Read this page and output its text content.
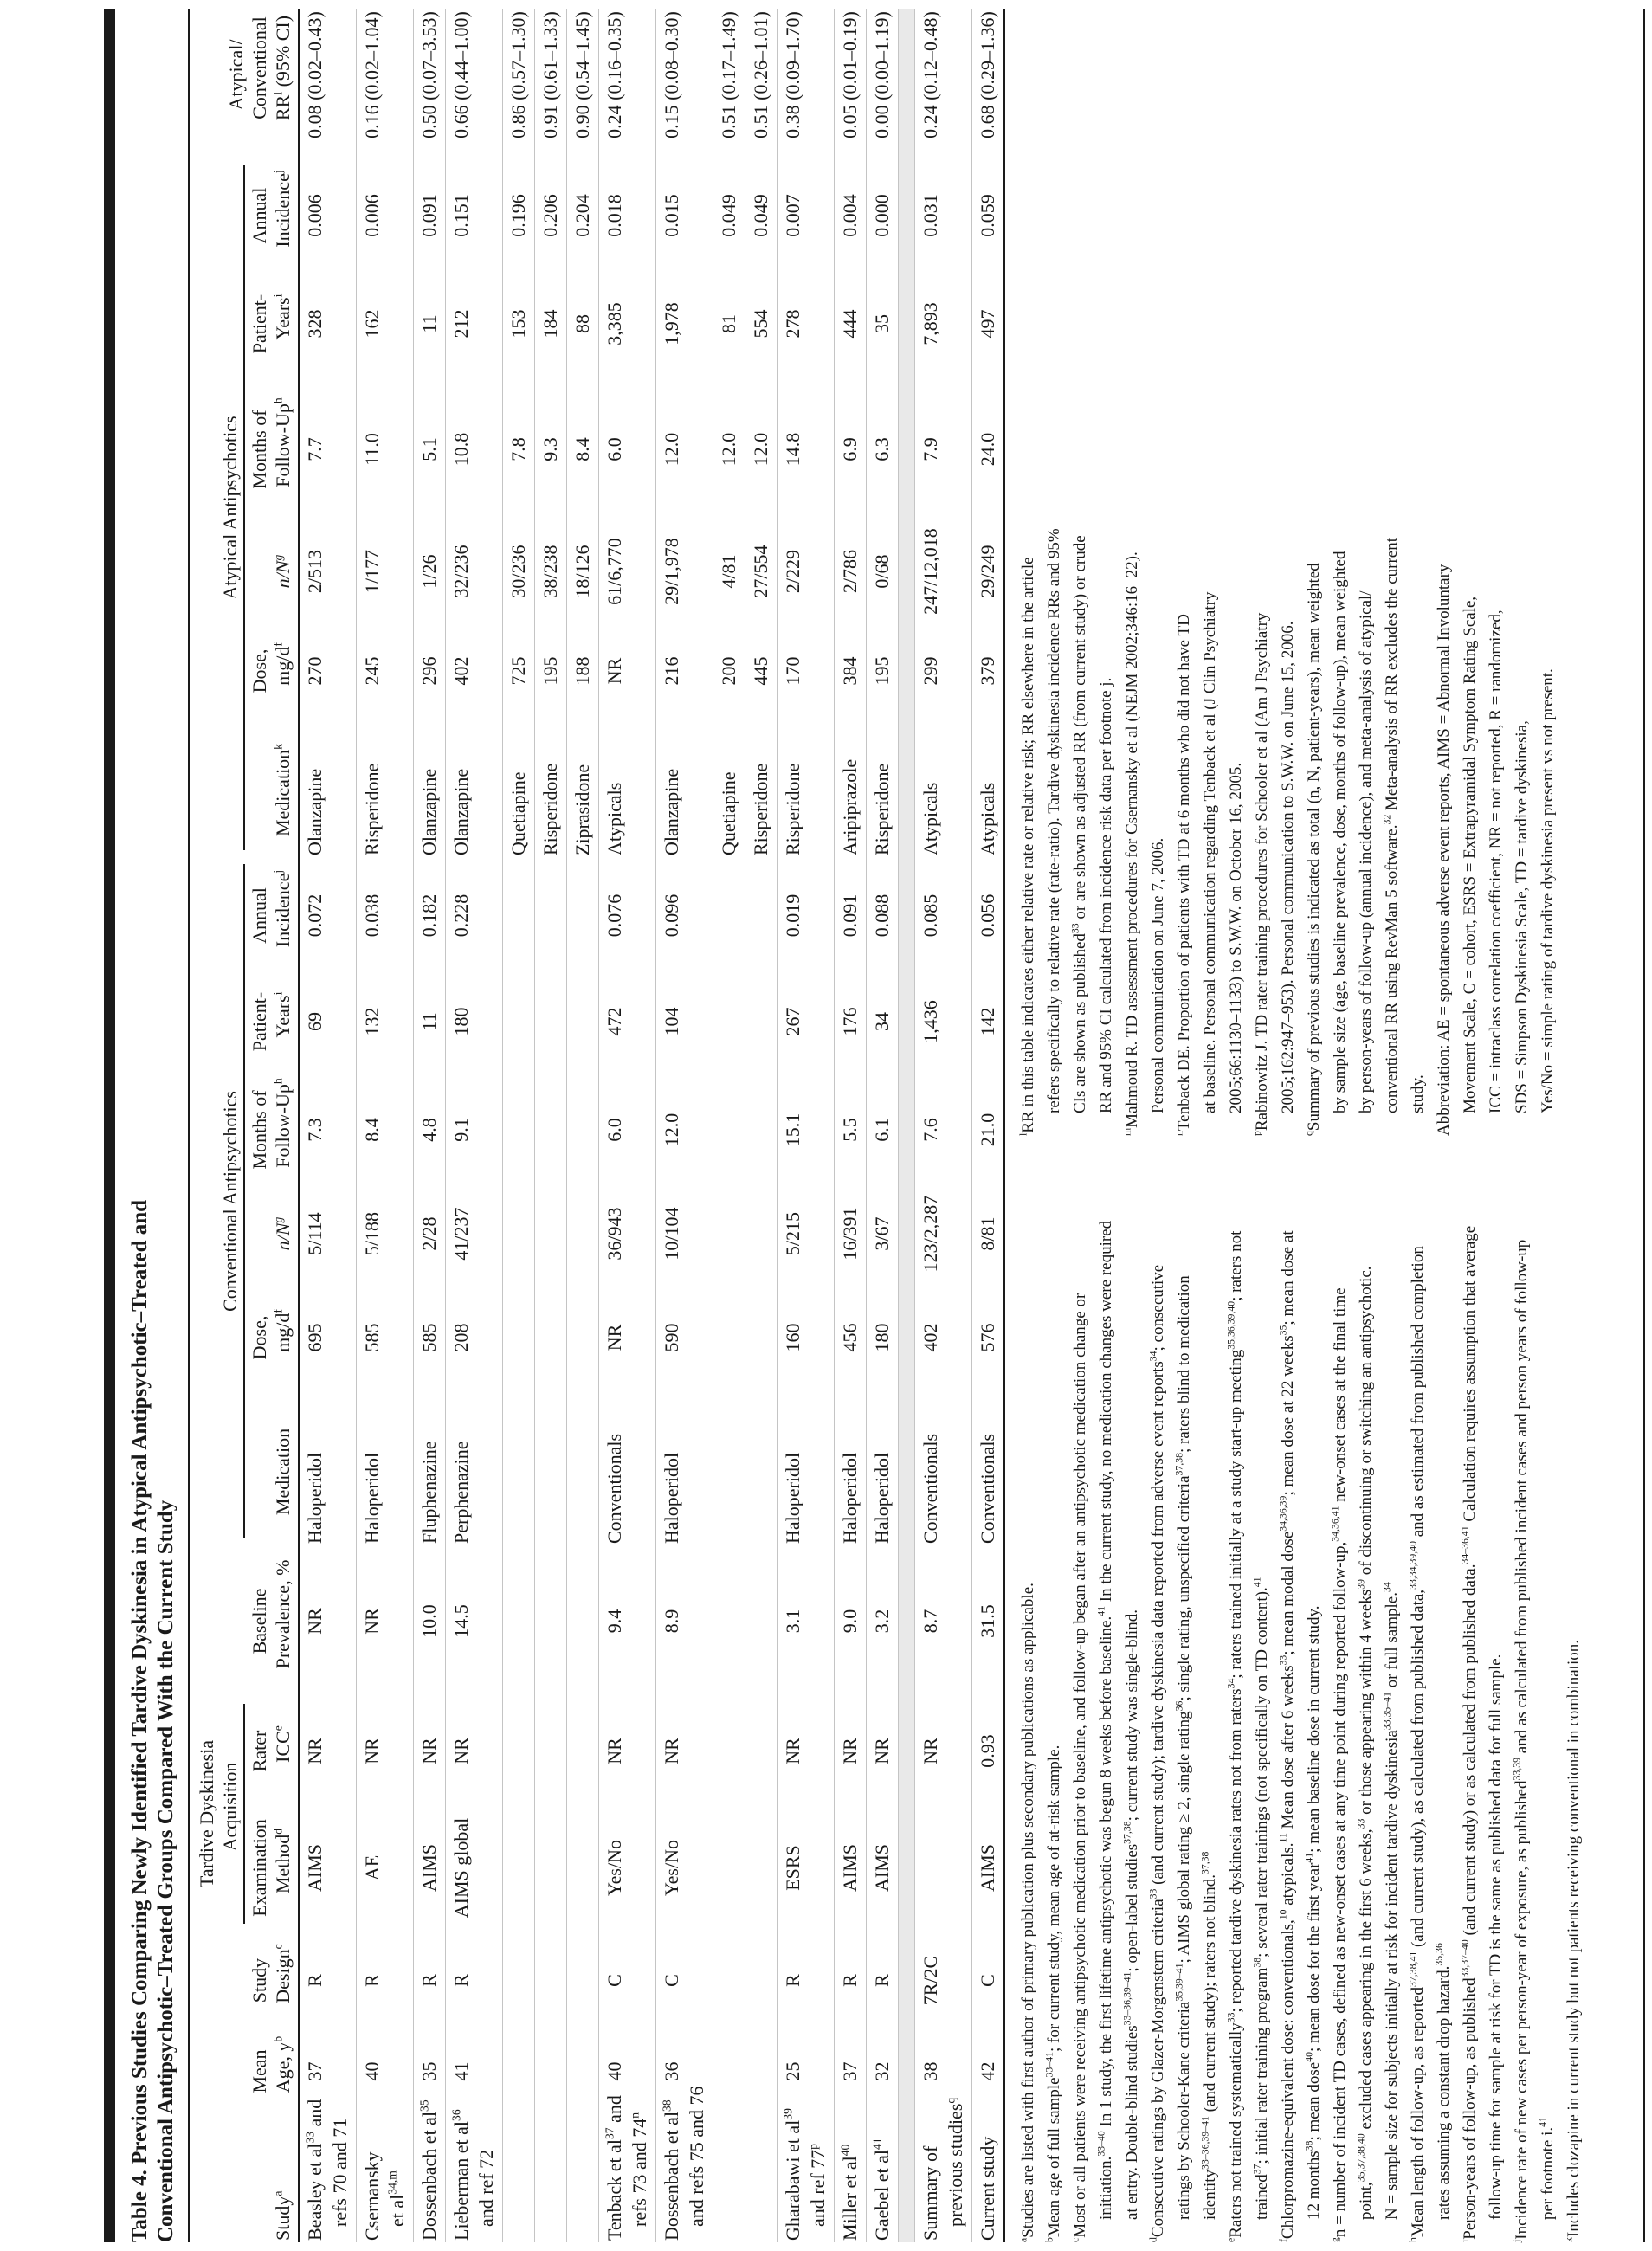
Table 4. Previous Studies Comparing Newly Identified Tardive Dyskinesia in Atypical Antipsychotic–Treated and Conventional Antipsychotic–Treated Groups Compared With the Current Study Tardive Dyskinesia Acquisition
Conventional Antipsychotics
Atypical Antipsychotics
Study$^a$
Mean Age, $y^b$
Study Design$^c$
Examination Method$^d$
Rater ICCe
Baseline Prevalence, %
Medication
Dose, $mg/d^f$
$n/N^g$
Months of Follow-Up$^h$
Patient- Years$^i$
Annual Incidence$^j$
Medication$^k$
Dose, $mg/d^f$
$n/N^g$
Months of Follow-Up$^h$
Patient- Years$^i$
Annual Incidence$^j$
Atypical/ Conventional $RR^l$ (95% CI)
Beasley et $al^{33}$ and
refs 70 and 71
37
R
AIMS
NR
NR
Haloperidol
695
5/114
7.3
69
0.072
Olanzapine
270
2/513
7.7
328
0.006
0.08 (0.02–0.43)
Csernansky et al$^{34,m}$
40
R
AE
NR
NR
Haloperidol
585
5/188
8.4
132
0.038
Risperidone
245
1/177
11.0
162
0.006
0.16 (0.02–1.04)
Dossenbach et $al^{35}$
35
R
AIMS
NR
10.0
Fluphenazine
585
2/28
4.8
11
0.182
Olanzapine
296
1/26
5.1
11
0.091
0.50 (0.07–3.53)
Lieberman et $al^{36}$
and ref 72
41
R
AIMS global
NR
14.5
Perphenazine
208
41/237
9.1
180
0.228
Olanzapine
402
32/236
10.8
212
0.151
0.66 (0.44–1.00)
Quetiapine
725
30/236
7.8
153
0.196
0.86 (0.57–1.30)
Risperidone
195
38/238
9.3
184
0.206
0.91 (0.61–1.33)
Ziprasidone
188
18/126
8.4
88
0.204
0.90 (0.54–1.45)
Tenback et $al^{37}$ and
refs 73 and 74$^n$
40
C
Yes/No
NR
9.4
Conventionals
NR
36/943
6.0
472
0.076
Atypicals
NR
61/6,770
6.0
3,385
0.018
0.24 (0.16–0.35)
Dossenbach et $al^{38}$ and refs 75 and 76
36
C
Yes/No
NR
8.9
Haloperidol
590
10/104
12.0
104
0.096
Olanzapine
216
29/1,978
12.0
1,978
0.015
0.15 (0.08–0.30)
Quetiapine
200
4/81
12.0
81
0.049
0.51 (0.17–1.49)
Risperidone
445
27/554
12.0
554
0.049
0.51 (0.26–1.01)
Gharabawi et $al^{39}$
and ref 77$^p$
25
R
ESRS
NR
3.1
Haloperidol
160
5/215
15.1
267
0.019
Risperidone
170
2/229
14.8
278
0.007
0.38 (0.09–1.70)
Miller et $al^{40}$
37
R
AIMS
NR
9.0
Haloperidol
456
16/391
5.5
176
0.091
Aripiprazole
384
2/786
6.9
444
0.004
0.05 (0.01–0.19)
Gaebel et $al^{41}$
32
R
AIMS
NR
3.2
Haloperidol
180
3/67
6.1
34
0.088
Risperidone
195
0/68
6.3
35
0.000
0.00 (0.00–1.19)
Summary of previous studies$^q$
38
7R/2C
NR
8.7
Conventionals
402
123/2,287
7.6
1,436
0.085
Atypicals
299
247/12,018
7.9
7,893
0.031
0.24 (0.12–0.48)
Current study
42
C
AIMS
0.93
31.5
Conventionals
576
8/81
21.0
142
0.056
Atypicals
379
29/249
24.0
497
0.059
0.68 (0.29–1.36)
$^a$Studies are listed with first author of primary publication plus secondary publications as applicable.
$^b$Mean age of full sample$^{33-41}$; for current study, mean age of at-risk sample.
$^c$Most or all patients were receiving antipsychotic medication prior to baseline, and follow-up began after an antipsychotic medication change or initiation.$^{33-40}$ In 1 study, the first lifetime antipsychotic was begun 8 weeks before baseline.$^{41}$ In the current study, no medication changes were required
at entry. Double-blind studies$^{33-36,39-41}$; open-label studies$^{37,38}$; current study was single-blind.
$^d$Consecutive ratings by Glazer-Morgenstern criteria$^{33}$ (and current study); tardive dyskinesia data reported from adverse event reports$^{34}$; consecutive
ratings by Schooler-Kane criteria$^{35,39-41}$; AIMS global rating ≥ 2, single rating$^{36}$; single rating, unspecified criteria$^{37,38}$; raters blind to medication
identity$^{33-36,39-41}$ (and current study); raters not blind.$^{37,38}$
$^e$Raters not trained systematically$^{33}$; reported tardive dyskinesia rates not from raters$^{34}$; raters trained initially at a study start-up meeting$^{35,36,39,40}$; raters not
trained$^{37}$; initial rater training program$^{38}$; several rater trainings (not specifically on TD content).$^{41}$
$^f$Chlorpromazine-equivalent dose: conventionals,$^{10}$ atypicals.$^{11}$ Mean dose after 6 weeks$^{33}$; mean modal dose$^{34,36,39}$; mean dose at 22 weeks$^{35}$; mean dose at
12 months$^{38}$; mean dose$^{40}$; mean dose for the first year$^{41}$; mean baseline dose in current study.
$^g$n = number of incident TD cases, defined as new-onset cases at any time point during reported follow-up,$^{34,36,41}$ new-onset cases at the final time
point,$^{35,37,38,40}$ excluded cases appearing in the first 6 weeks,$^{33}$ or those appearing within 4 weeks$^{39}$ of discontinuing or switching an antipsychotic.
N = sample size for subjects initially at risk for incident tardive dyskinesia$^{33,35-41}$ or full sample.$^{34}$
$^h$Mean length of follow-up, as reported$^{37,38,41}$ (and current study), as calculated from published data,$^{33,34,39,40}$ and as estimated from published completion
rates assuming a constant drop hazard.$^{35,36}$
$^i$Person-years of follow-up, as published$^{33,37-40}$ (and current study) or as calculated from published data.$^{34-36,41}$ Calculation requires assumption that average
follow-up time for sample at risk for TD is the same as published data for full sample.
$^j$Incidence rate of new cases per person-year of exposure, as published$^{33,39}$ and as calculated from published incident cases and person years of follow-up
per footnote i.$^{41}$
$^k$Includes clozapine in current study but not patients receiving conventional in combination.
$^l$RR in this table indicates either relative rate or relative risk; RR elsewhere in the article refers specifically to relative rate (rate-ratio). Tardive dyskinesia incidence RRs and 95% CIs are shown as published$^{33}$ or are shown as adjusted RR (from current study) or crude RR and 95% CI calculated from incidence risk data per footnote j.
$^m$Mahmoud R. TD assessment procedures for Csernansky et al (NEJM 2002;346:16–22). Personal communication on June 7, 2006.
$^n$Tenback DE. Proportion of patients with TD at 6 months who did not have TD at baseline. Personal communication regarding Tenback et al (J Clin Psychiatry 2005;66:1130–1133) to S.W.W. on October 16, 2005.
$^p$Rabinowitz J. TD rater training procedures for Schooler et al (Am J Psychiatry 2005;162:947–953). Personal communication to S.W.W. on June 15, 2006.
$^q$Summary of previous studies is indicated as total (n, N, patient-years), mean weighted by sample size (age, baseline prevalence, dose, months of follow-up), mean weighted by person-years of follow-up (annual incidence), and meta-analysis of atypical/ conventional RR using RevMan 5 software.$^{32}$ Meta-analysis of RR excludes the current
study. Abbreviation: AE = spontaneous adverse event reports, AIMS = Abnormal Involuntary Movement Scale, C = cohort, ESRS = Extrapyramidal Symptom Rating Scale, ICC = intraclass correlation coefficient, NR = not reported, R = randomized, SDS = Simpson Dyskinesia Scale, TD = tardive dyskinesia, Yes/No = simple rating of tardive dyskinesia present vs not present.
